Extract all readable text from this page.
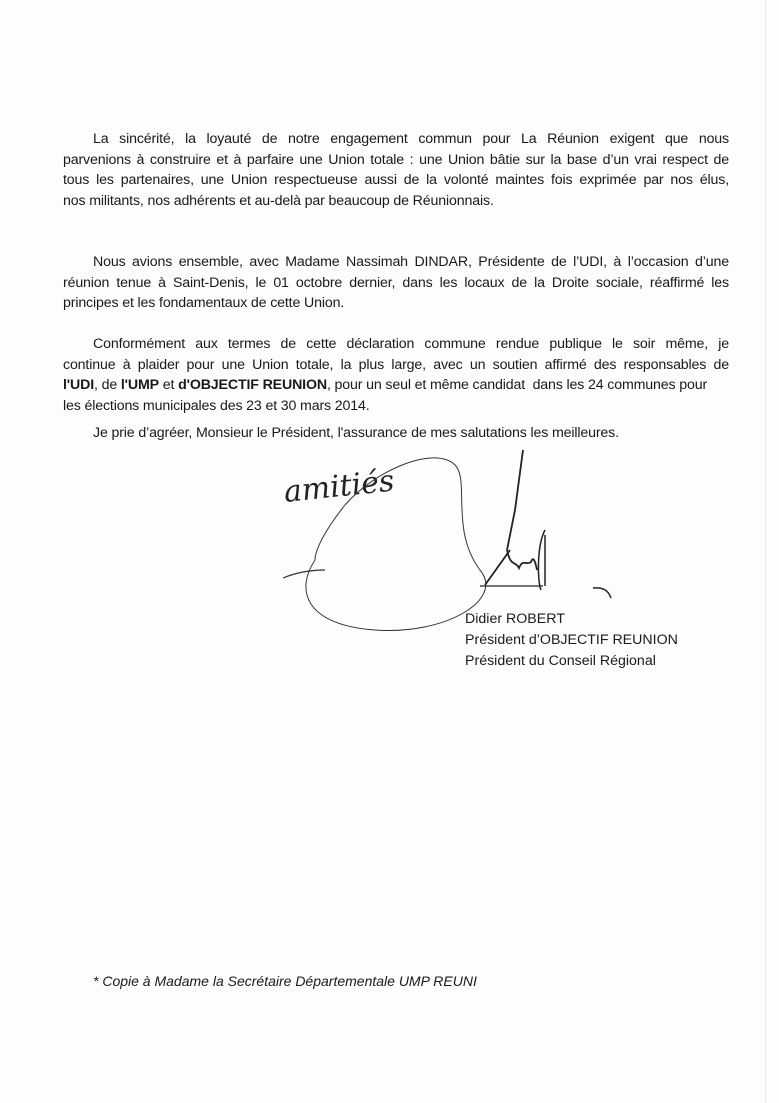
La sincérité, la loyauté de notre engagement commun pour La Réunion exigent que nous
parvenions à construire et à parfaire une Union totale : une Union bâtie sur la base d’un vrai respect de
tous les partenaires, une Union respectueuse aussi de la volonté maintes fois exprimée par nos élus,
nos militants, nos adhérents et au-delà par beaucoup de Réunionnais.
Nous avions ensemble, avec Madame Nassimah DINDAR, Présidente de l’UDI, à l’occasion d’une
réunion tenue à Saint-Denis, le 01 octobre dernier, dans les locaux de la Droite sociale, réaffirmé les
principes et les fondamentaux de cette Union.
Conformément aux termes de cette déclaration commune rendue publique le soir même, je
continue à plaider pour une Union totale, la plus large, avec un soutien affirmé des responsables de
l'UDI, de l'UMP et d'OBJECTIF REUNION, pour un seul et même candidat  dans les 24 communes pour
les élections municipales des 23 et 30 mars 2014.
Je prie d’agréer, Monsieur le Président, l'assurance de mes salutations les meilleures.
amitiés
Didier ROBERT
Président d’OBJECTIF REUNION
Président du Conseil Régional
* Copie à Madame la Secrétaire Départementale UMP REUNI
